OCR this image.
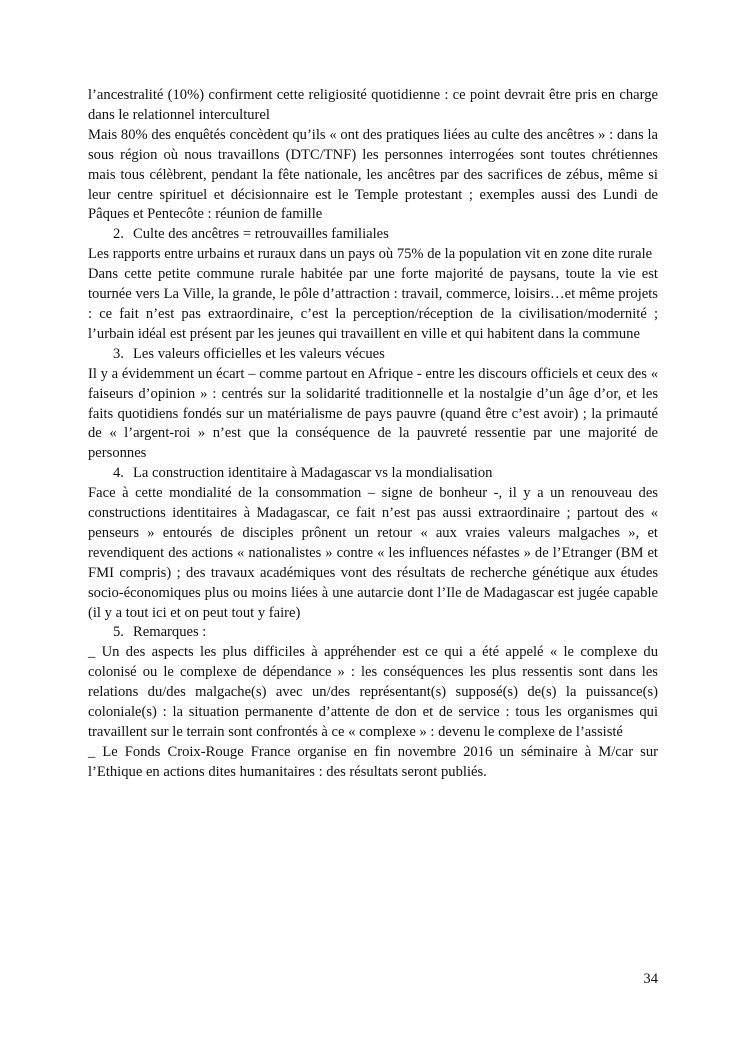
l’ancestralité (10%) confirment cette religiosité quotidienne : ce point devrait être pris en charge dans le relationnel interculturel

Mais 80% des enquêtés concèdent qu’ils « ont des pratiques liées au culte des ancêtres » : dans la sous région où nous travaillons (DTC/TNF) les personnes interrogées sont toutes chrétiennes mais tous célèbrent, pendant la fête nationale, les ancêtres par des sacrifices de zébus, même si leur centre spirituel et décisionnaire est le Temple protestant ; exemples aussi des Lundi de Pâques et Pentecôte : réunion de famille

2. Culte des ancêtres = retrouvailles familiales

Les rapports entre urbains et ruraux dans un pays où 75% de la population vit en zone dite rurale

Dans cette petite commune rurale habitée par une forte majorité de paysans, toute la vie est tournée vers La Ville, la grande, le pôle d’attraction : travail, commerce, loisirs…et même projets : ce fait n’est pas extraordinaire, c’est la perception/réception de la civilisation/modernité ; l’urbain idéal est présent par les jeunes qui travaillent en ville et qui habitent dans la commune

3. Les valeurs officielles et les valeurs vécues

Il y a évidemment un écart – comme partout en Afrique - entre les discours officiels et ceux des « faiseurs d’opinion » : centrés sur la solidarité traditionnelle et la nostalgie d’un âge d’or, et les faits quotidiens fondés sur un matérialisme de pays pauvre (quand être c’est avoir) ; la primauté de « l’argent-roi » n’est que la conséquence de la pauvreté ressentie par une majorité de personnes

4. La construction identitaire à Madagascar vs la mondialisation

Face à cette mondialité de la consommation – signe de bonheur -, il y a un renouveau des constructions identitaires à Madagascar, ce fait n’est pas aussi extraordinaire ; partout des « penseurs » entourés de disciples prônent un retour « aux vraies valeurs malgaches », et revendiquent des actions « nationalistes » contre « les influences néfastes » de l’Etranger (BM et FMI compris) ; des travaux académiques vont des résultats de recherche génétique aux études socio-économiques plus ou moins liées à une autarcie dont l’Ile de Madagascar est jugée capable (il y a tout ici et on peut tout y faire)

5. Remarques :

_ Un des aspects les plus difficiles à appréhender est ce qui a été appelé « le complexe du colonisé ou le complexe de dépendance » : les conséquences les plus ressentis sont dans les relations du/des malgache(s) avec un/des représentant(s) supposé(s) de(s) la puissance(s) coloniale(s) : la situation permanente d’attente de don et de service : tous les organismes qui travaillent sur le terrain sont confrontés à ce « complexe » : devenu le complexe de l’assisté

_ Le Fonds Croix-Rouge France organise en fin novembre 2016 un séminaire à M/car sur l’Ethique en actions dites humanitaires : des résultats seront publiés.

34
